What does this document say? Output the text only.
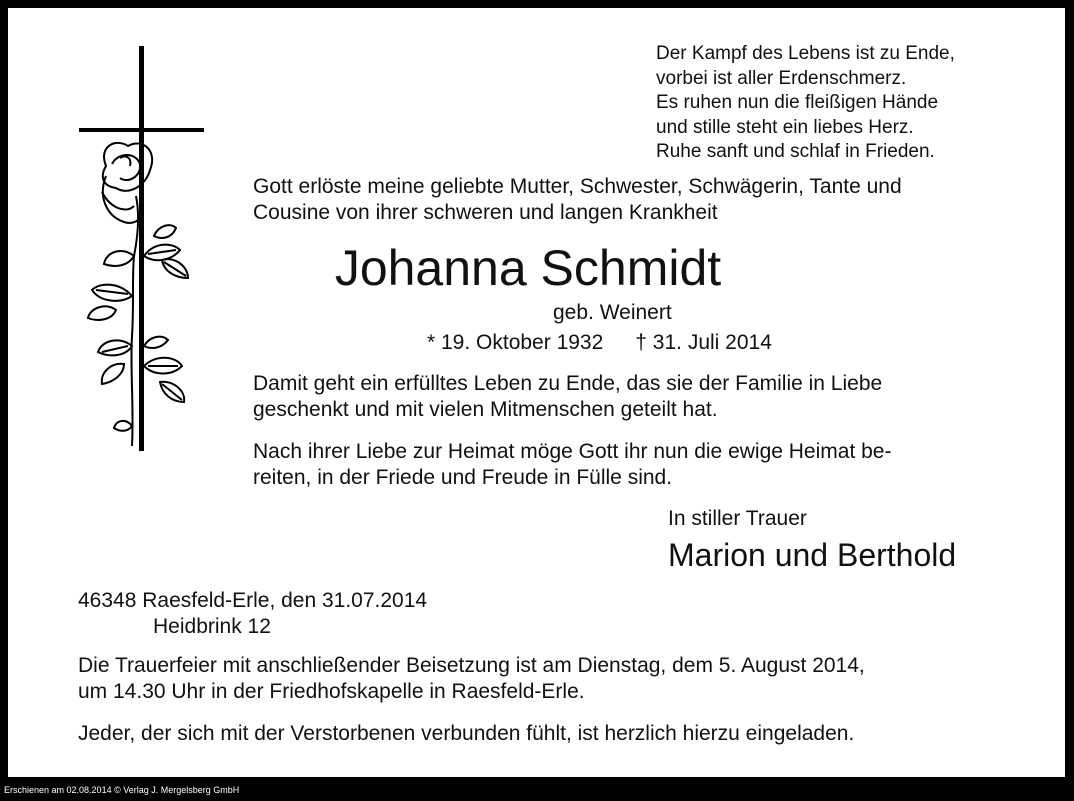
Der Kampf des Lebens ist zu Ende,
vorbei ist aller Erdenschmerz.
Es ruhen nun die fleißigen Hände
und stille steht ein liebes Herz.
Ruhe sanft und schlaf in Frieden.
Gott erlöste meine geliebte Mutter, Schwester, Schwägerin, Tante und
Cousine von ihrer schweren und langen Krankheit
Johanna Schmidt
geb. Weinert
* 19. Oktober 1932 † 31. Juli 2014
Damit geht ein erfülltes Leben zu Ende, das sie der Familie in Liebe
geschenkt und mit vielen Mitmenschen geteilt hat.
Nach ihrer Liebe zur Heimat möge Gott ihr nun die ewige Heimat be-
reiten, in der Friede und Freude in Fülle sind.
In stiller Trauer
Marion und Berthold
46348 Raesfeld-Erle, den 31.07.2014
Heidbrink 12
Die Trauerfeier mit anschließender Beisetzung ist am Dienstag, dem 5. August 2014,
um 14.30 Uhr in der Friedhofskapelle in Raesfeld-Erle.
Jeder, der sich mit der Verstorbenen verbunden fühlt, ist herzlich hierzu eingeladen.
Erschienen am 02.08.2014 © Verlag J. Mergelsberg GmbH
